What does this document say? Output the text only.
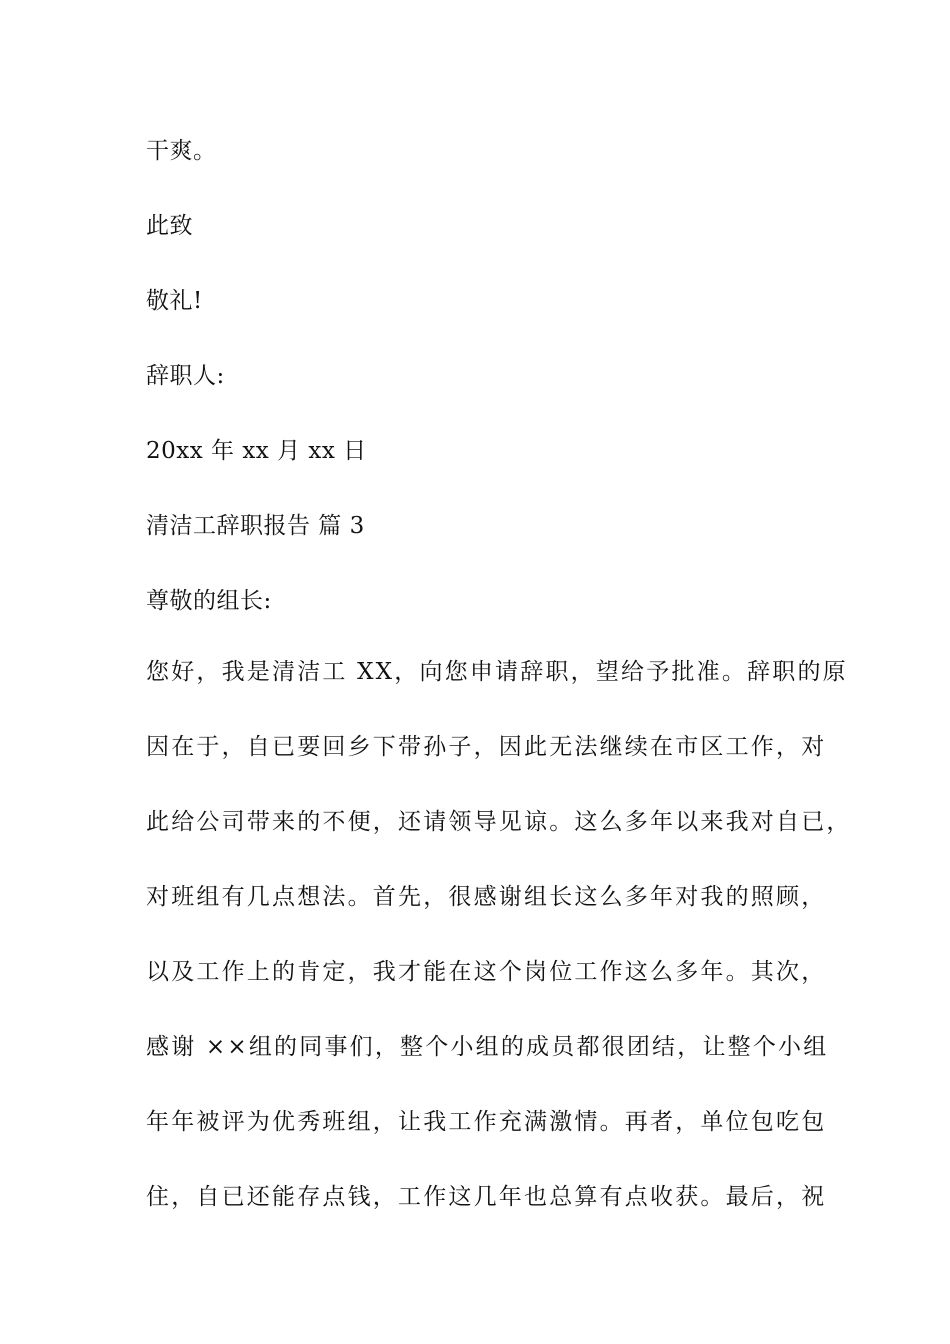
干爽。
此致
敬礼!
辞职人:
20xx 年 xx 月 xx 日
清洁工辞职报告 篇 3
尊敬的组长:
您好，我是清洁工 XX，向您申请辞职，望给予批准。辞职的原
因在于，自已要回乡下带孙子，因此无法继续在市区工作，对
此给公司带来的不便，还请领导见谅。这么多年以来我对自已，
对班组有几点想法。首先，很感谢组长这么多年对我的照顾，
以及工作上的肯定，我才能在这个岗位工作这么多年。其次，
感谢 ××组的同事们，整个小组的成员都很团结，让整个小组
年年被评为优秀班组，让我工作充满激情。再者，单位包吃包
住，自已还能存点钱，工作这几年也总算有点收获。最后，祝
